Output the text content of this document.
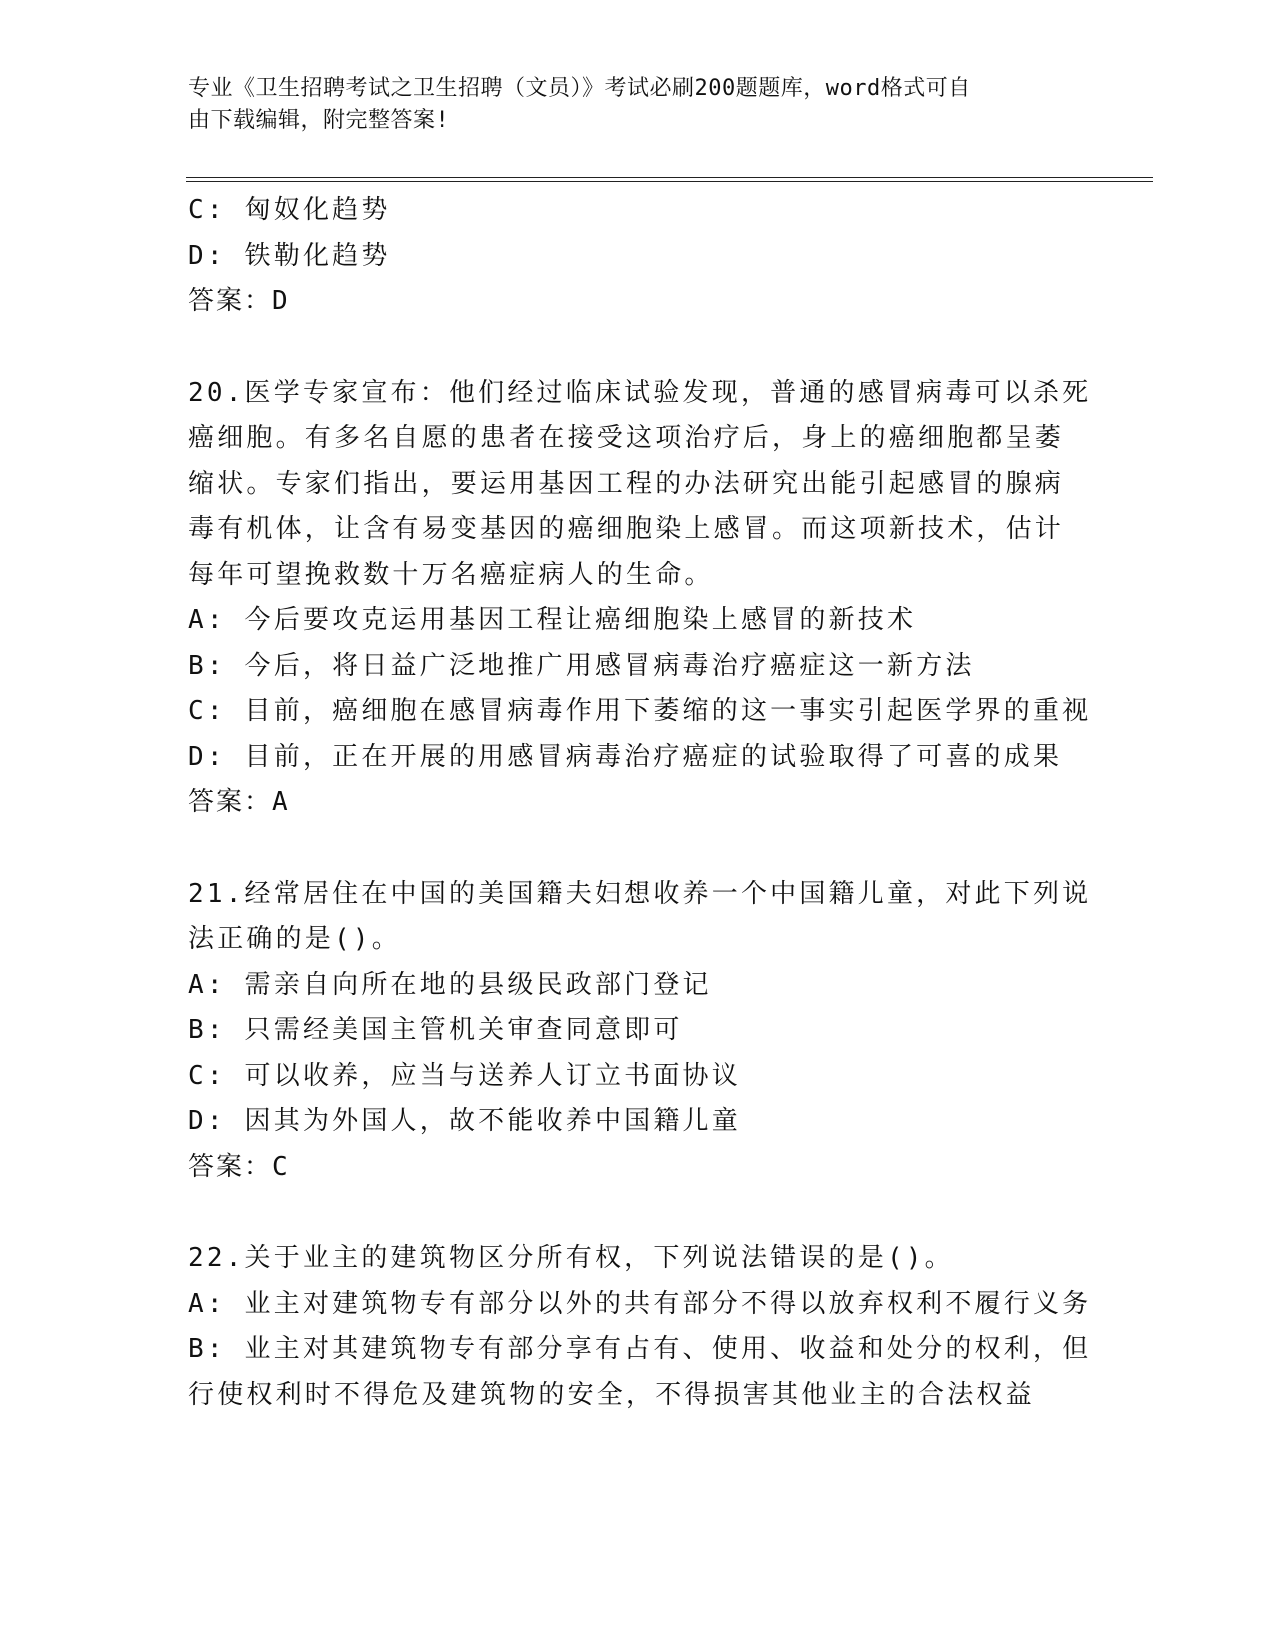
专业《卫生招聘考试之卫生招聘（文员）》考试必刷200题题库，word格式可自
由下载编辑，附完整答案!
C: 匈奴化趋势
D: 铁勒化趋势
答案：D
20.医学专家宣布：他们经过临床试验发现，普通的感冒病毒可以杀死
癌细胞。有多名自愿的患者在接受这项治疗后，身上的癌细胞都呈萎
缩状。专家们指出，要运用基因工程的办法研究出能引起感冒的腺病
毒有机体，让含有易变基因的癌细胞染上感冒。而这项新技术，估计
每年可望挽救数十万名癌症病人的生命。
A: 今后要攻克运用基因工程让癌细胞染上感冒的新技术
B: 今后，将日益广泛地推广用感冒病毒治疗癌症这一新方法
C: 目前，癌细胞在感冒病毒作用下萎缩的这一事实引起医学界的重视
D: 目前，正在开展的用感冒病毒治疗癌症的试验取得了可喜的成果
答案：A
21.经常居住在中国的美国籍夫妇想收养一个中国籍儿童，对此下列说
法正确的是()。
A: 需亲自向所在地的县级民政部门登记
B: 只需经美国主管机关审查同意即可
C: 可以收养，应当与送养人订立书面协议
D: 因其为外国人，故不能收养中国籍儿童
答案：C
22.关于业主的建筑物区分所有权，下列说法错误的是()。
A: 业主对建筑物专有部分以外的共有部分不得以放弃权利不履行义务
B: 业主对其建筑物专有部分享有占有、使用、收益和处分的权利，但
行使权利时不得危及建筑物的安全，不得损害其他业主的合法权益
